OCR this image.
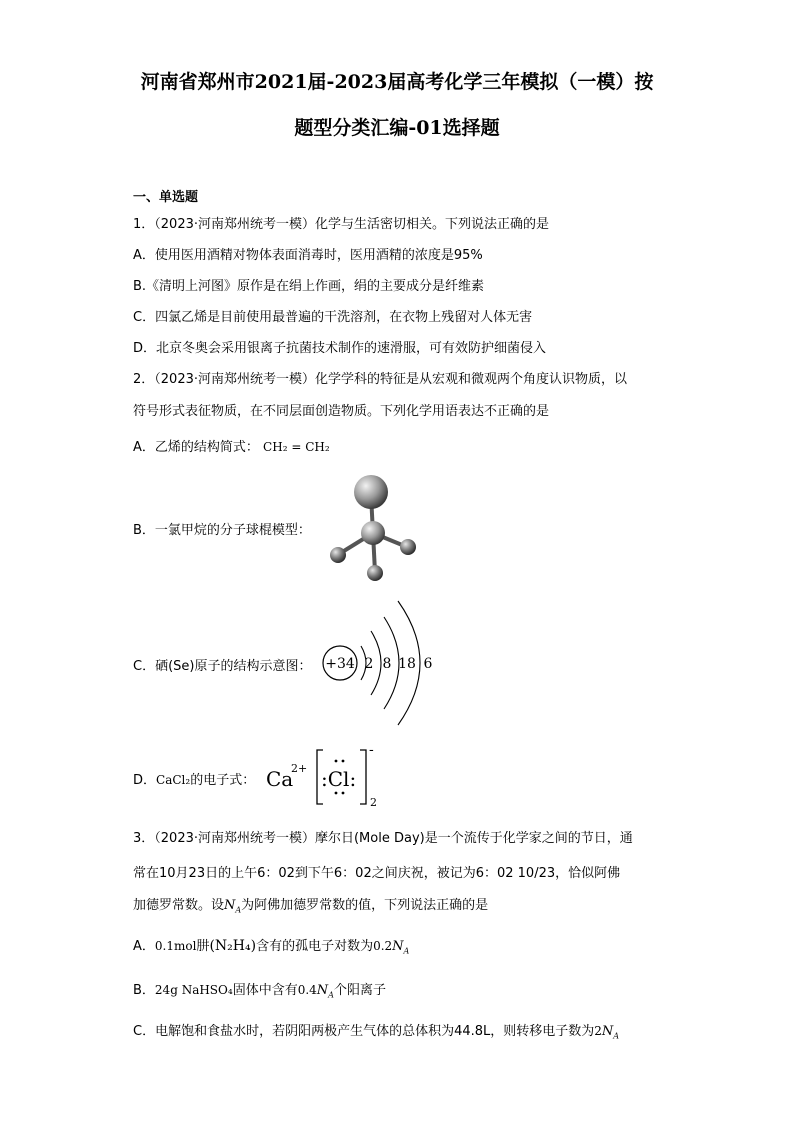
河南省郑州市2021届-2023届高考化学三年模拟（一模）按
题型分类汇编-01选择题
一、单选题
1．（2023·河南郑州统考一模）化学与生活密切相关。下列说法正确的是
A．使用医用酒精对物体表面消毒时，医用酒精的浓度是95%
B.《清明上河图》原作是在绢上作画，绢的主要成分是纤维素
C．四氯乙烯是目前使用最普遍的干洗溶剂，在衣物上残留对人体无害
D．北京冬奥会采用银离子抗菌技术制作的速滑服，可有效防护细菌侵入
2．（2023·河南郑州统考一模）化学学科的特征是从宏观和微观两个角度认识物质，以
符号形式表征物质，在不同层面创造物质。下列化学用语表达不正确的是
A．乙烯的结构简式： CH₂ = CH₂
B．一氯甲烷的分子球棍模型：
C．硒(Se)原子的结构示意图： +34 2 8 18 6
D．CaCl₂的电子式： Ca
2+ :Cl:
-
2
3．（2023·河南郑州统考一模）摩尔日(Mole Day)是一个流传于化学家之间的节日，通
常在10月23日的上午6：02到下午6：02之间庆祝，被记为6：02 10/23，恰似阿佛
加德罗常数。设$N_A$为阿佛加德罗常数的值，下列说法正确的是
A．0.1mol肼(N₂H₄)含有的孤电子对数为$0.2N_A$
B．24g NaHSO₄固体中含有$0.4N_A$个阳离子
C．电解饱和食盐水时，若阴阳两极产生气体的总体积为44.8L，则转移电子数为$2N_A$
